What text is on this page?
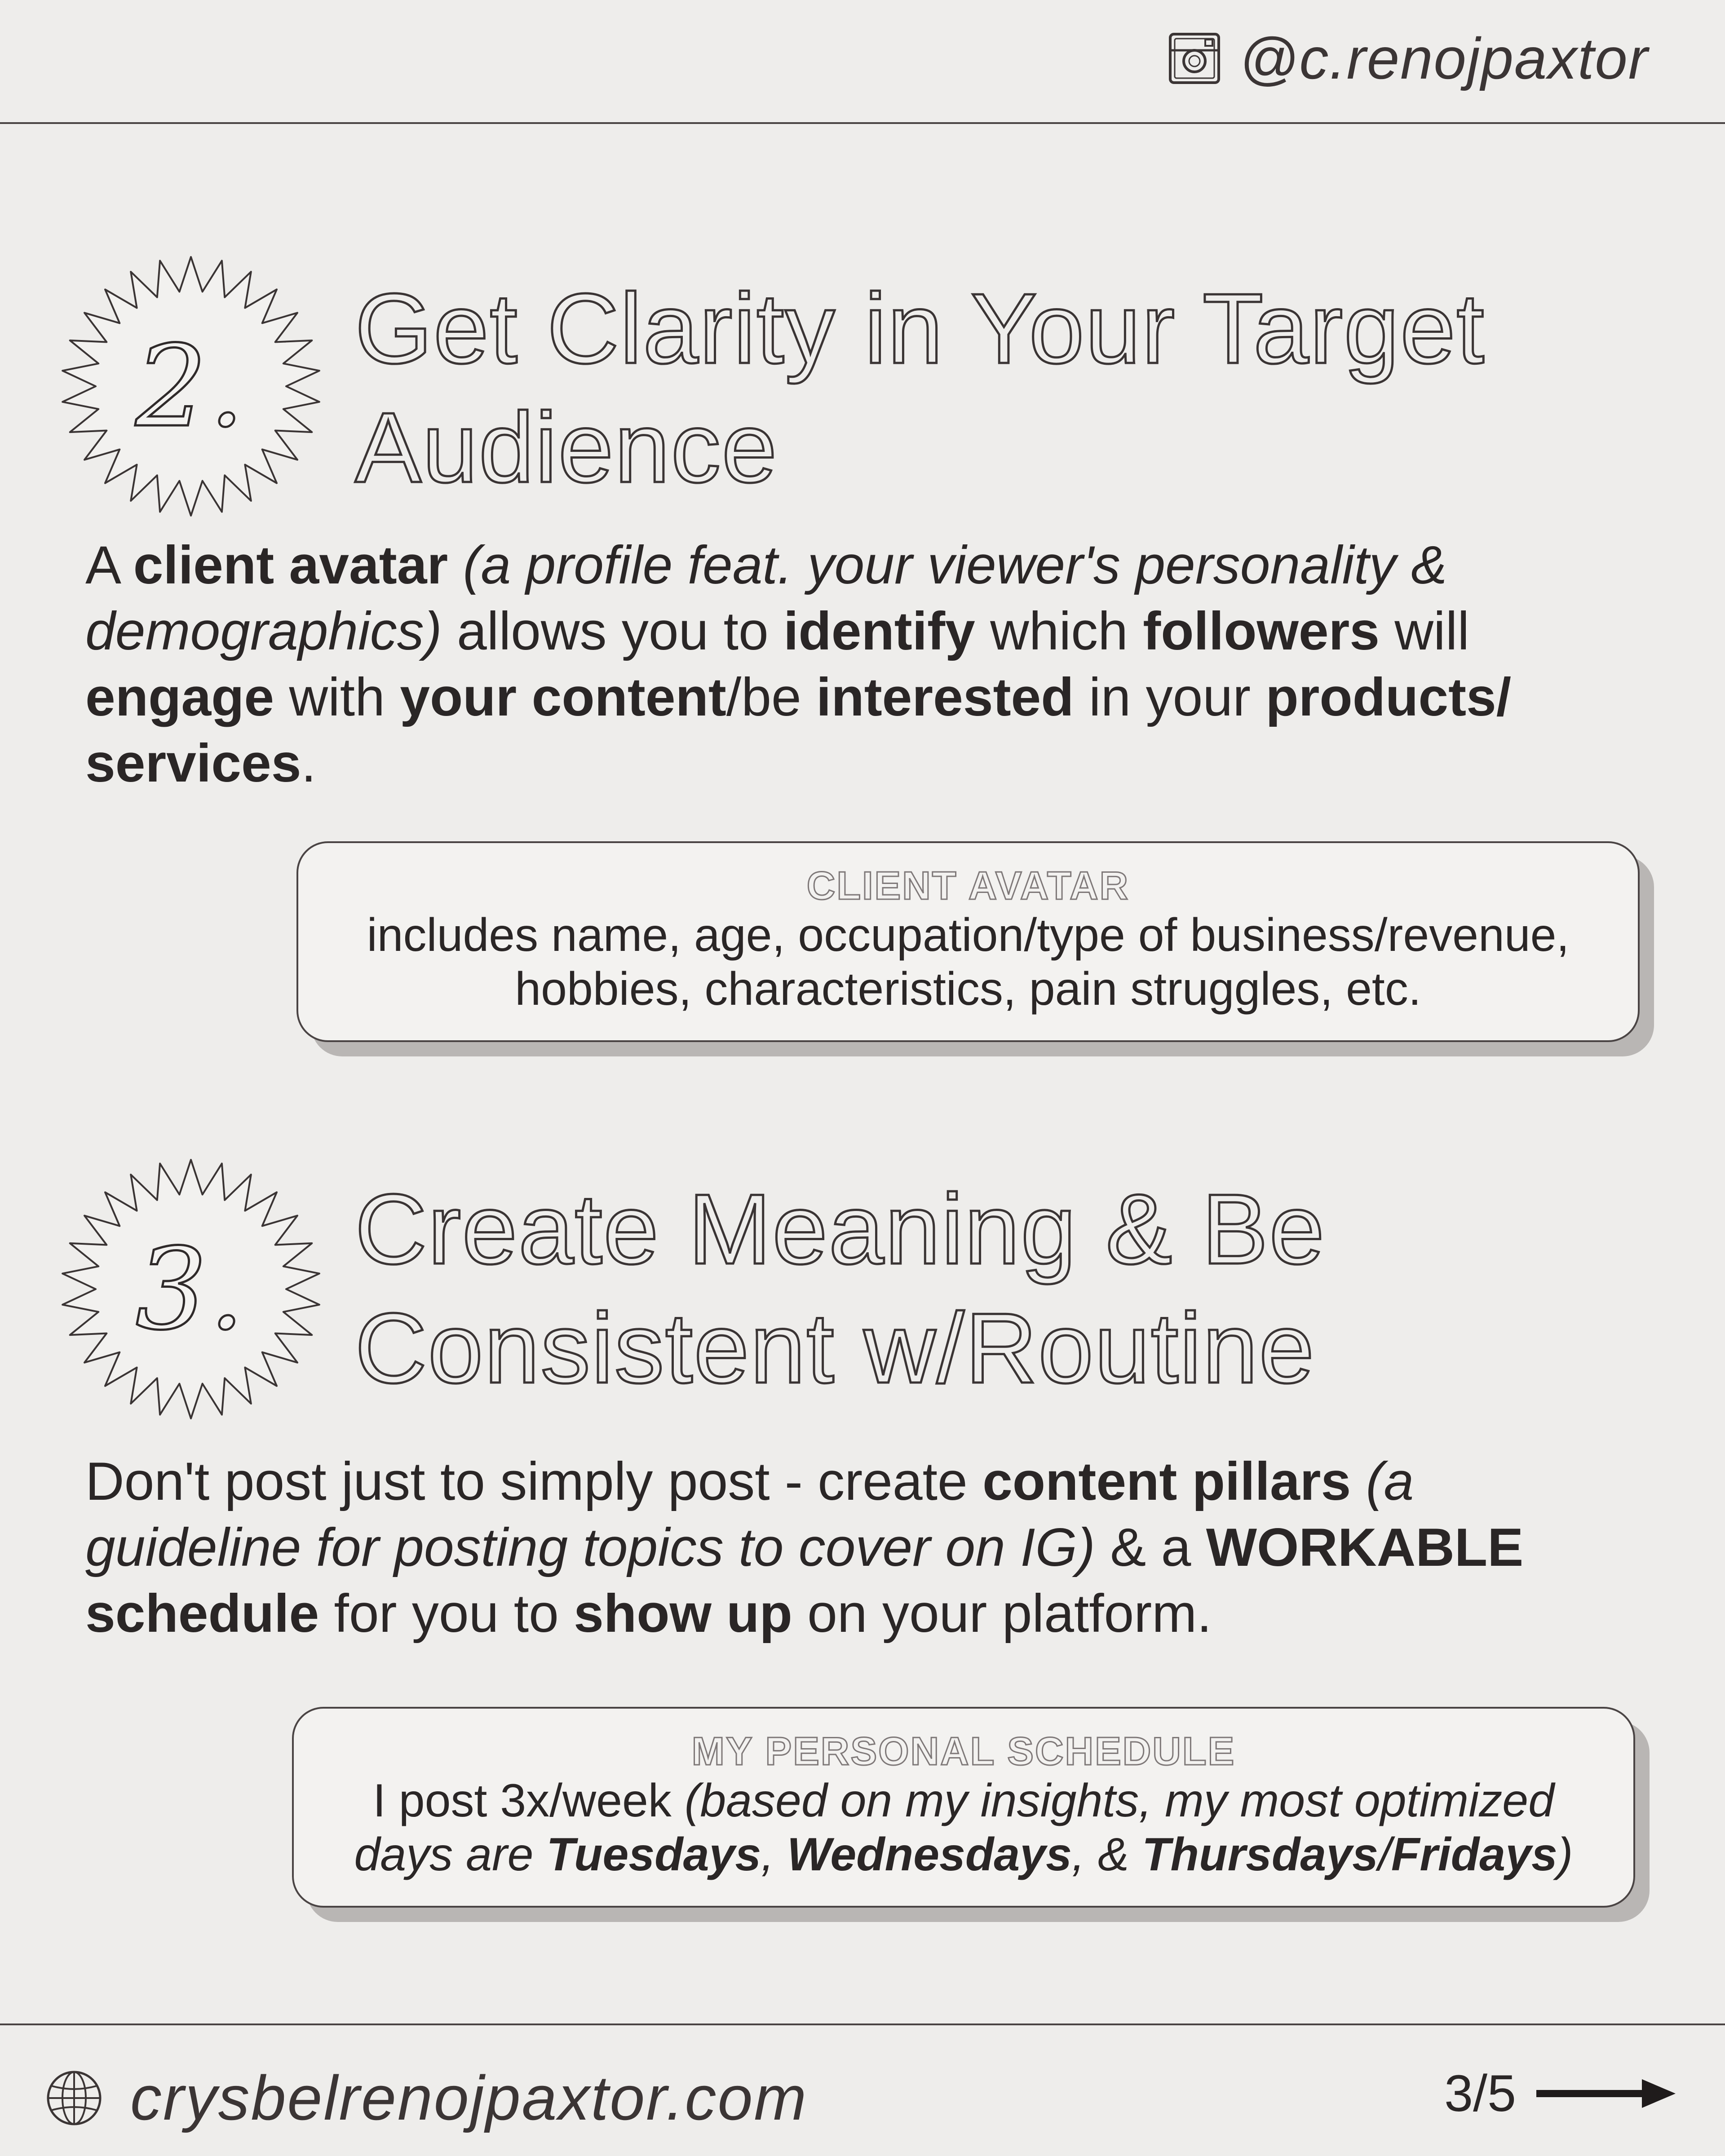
@c.renojpaxtor
2.	Get Clarity in Your Target
Audience

A client avatar (a profile feat. your viewer's personality & demographics) allows you to identify which followers will engage with your content/be interested in your products/ services.

CLIENT AVATAR

includes name, age, occupation/type of business/revenue,

hobbies, characteristics, pain struggles, etc.

3.	Create Meaning & Be
Consistent w/Routine

Don't post just to simply post - create content pillars (a guideline for posting topics to cover on IG) & a WORKABLE schedule for you to show up on your platform.

MY PERSONAL SCHEDULE

I post 3x/week (based on my insights, my most optimized

days are Tuesdays, Wednesdays, & Thursdays/Fridays)

crysbelrenojpaxtor.com	3/5
